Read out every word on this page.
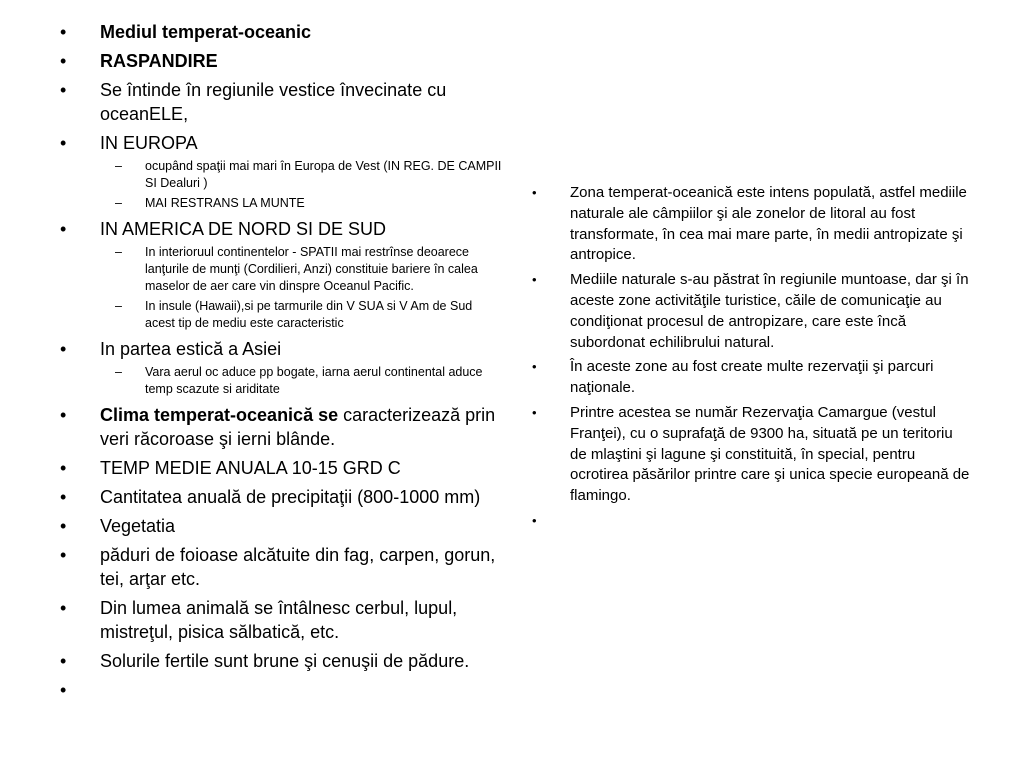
• Mediul temperat-oceanic
• RASPANDIRE
• Se întinde în regiunile vestice învecinate cu oceanELE,
• IN EUROPA
– ocupând spaţii mai mari în Europa de Vest (IN REG. DE CAMPII SI Dealuri )
– MAI RESTRANS LA MUNTE
• IN AMERICA DE NORD SI DE SUD
– In interioruul continentelor - SPATII mai restrînse deoarece lanţurile de munţi (Cordilieri, Anzi) constituie bariere în calea maselor de aer care vin dinspre Oceanul Pacific.
– In insule (Hawaii),si pe tarmurile din V SUA si V Am de Sud acest tip de mediu este caracteristic
• In partea estică a Asiei
– Vara aerul oc aduce pp bogate, iarna aerul continental aduce temp scazute si ariditate
• Clima temperat-oceanică se caracterizează prin veri răcoroase şi ierni blânde.
• TEMP MEDIE ANUALA 10-15 GRD C
• Cantitatea anuală de precipitaţii (800-1000 mm)
• Vegetatia
• păduri de foioase alcătuite din fag, carpen, gorun, tei, arţar etc.
• Din lumea animală se întâlnesc cerbul, lupul, mistreţul, pisica sălbatică, etc.
• Solurile fertile sunt brune şi cenuşii de pădure.
•

• Zona temperat-oceanică este intens populată, astfel mediile naturale ale câmpiilor şi ale zonelor de litoral au fost transformate, în cea mai mare parte, în medii antropizate şi antropice.
• Mediile naturale s-au păstrat în regiunile muntoase, dar şi în aceste zone activităţile turistice, căile de comunicaţie au condiţionat procesul de antropizare, care este încă subordonat echilibrului natural.
• În aceste zone au fost create multe rezervaţii şi parcuri naţionale.
• Printre acestea se număr Rezervaţia Camargue (vestul Franţei), cu o suprafaţă de 9300 ha, situată pe un teritoriu de mlaştini şi lagune şi constituită, în special, pentru ocrotirea păsărilor printre care şi unica specie europeană de flamingo.
•
